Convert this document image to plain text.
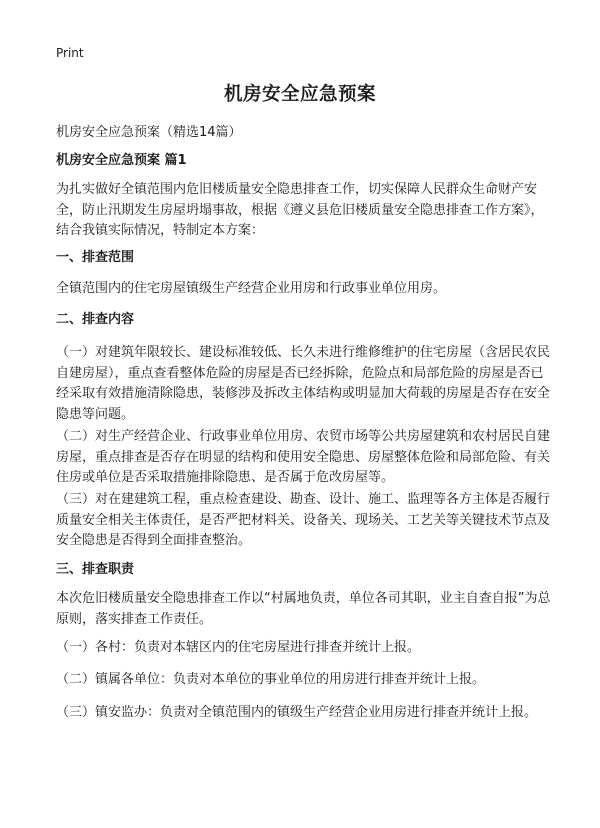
Print
机房安全应急预案
机房安全应急预案（精选14篇）
机房安全应急预案 篇1
为扎实做好全镇范围内危旧楼质量安全隐患排查工作，切实保障人民群众生命财产安全，防止汛期发生房屋坍塌事故，根据《遵义县危旧楼质量安全隐患排查工作方案》，结合我镇实际情况，特制定本方案：
一、排查范围
全镇范围内的住宅房屋镇级生产经营企业用房和行政事业单位用房。
二、排查内容
（一）对建筑年限较长、建设标准较低、长久未进行维修维护的住宅房屋（含居民农民自建房屋），重点查看整体危险的房屋是否已经拆除，危险点和局部危险的房屋是否已经采取有效措施清除隐患，装修涉及拆改主体结构或明显加大荷载的房屋是否存在安全隐患等问题。
（二）对生产经营企业、行政事业单位用房、农贸市场等公共房屋建筑和农村居民自建房屋，重点排查是否存在明显的结构和使用安全隐患、房屋整体危险和局部危险、有关住房或单位是否采取措施排除隐患、是否属于危改房屋等。
（三）对在建建筑工程，重点检查建设、勘查、设计、施工、监理等各方主体是否履行质量安全相关主体责任，是否严把材料关、设备关、现场关、工艺关等关键技术节点及安全隐患是否得到全面排查整治。
三、排查职责
本次危旧楼质量安全隐患排查工作以“村属地负责，单位各司其职，业主自查自报”为总原则，落实排查工作责任。
（一）各村：负责对本辖区内的住宅房屋进行排查并统计上报。
（二）镇属各单位：负责对本单位的事业单位的用房进行排查并统计上报。
（三）镇安监办：负责对全镇范围内的镇级生产经营企业用房进行排查并统计上报。
